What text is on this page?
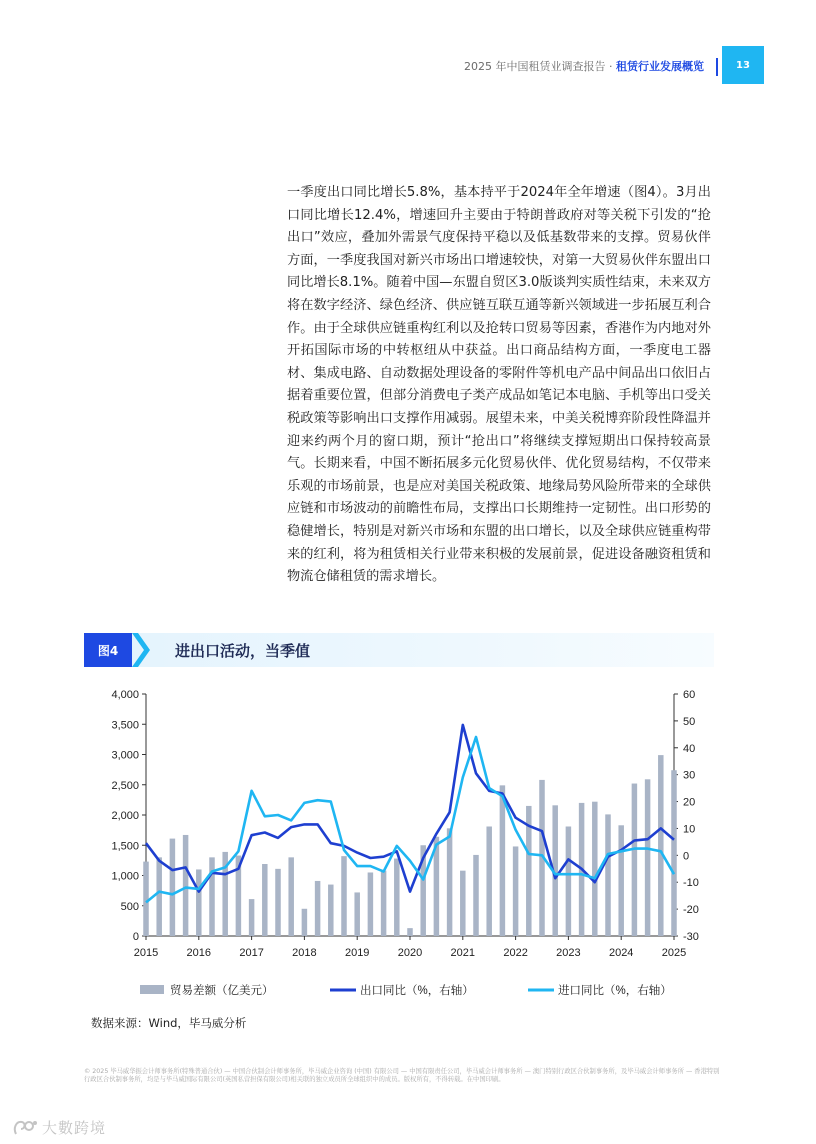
2025 年中国租赁业调查报告 · 租赁行业发展概览	13
一季度出口同比增长5.8%，基本持平于2024年全年增速（图4）。3月出口同比增长12.4%，增速回升主要由于特朗普政府对等关税下引发的“抢出口”效应，叠加外需景气度保持平稳以及低基数带来的支撑。贸易伙伴方面，一季度我国对新兴市场出口增速较快，对第一大贸易伙伴东盟出口同比增长8.1%。随着中国—东盟自贸区3.0版谈判实质性结束，未来双方将在数字经济、绿色经济、供应链互联互通等新兴领域进一步拓展互利合作。由于全球供应链重构红利以及抢转口贸易等因素，香港作为内地对外开拓国际市场的中转枢纽从中获益。出口商品结构方面，一季度电工器材、集成电路、自动数据处理设备的零附件等机电产品中间品出口依旧占据着重要位置，但部分消费电子类产成品如笔记本电脑、手机等出口受关税政策等影响出口支撑作用减弱。展望未来，中美关税博弈阶段性降温并迎来约两个月的窗口期，预计“抢出口”将继续支撑短期出口保持较高景气。长期来看，中国不断拓展多元化贸易伙伴、优化贸易结构，不仅带来乐观的市场前景，也是应对美国关税政策、地缘局势风险所带来的全球供应链和市场波动的前瞻性布局，支撑出口长期维持一定韧性。出口形势的稳健增长，特别是对新兴市场和东盟的出口增长，以及全球供应链重构带来的红利，将为租赁相关行业带来积极的发展前景，促进设备融资租赁和物流仓储租赁的需求增长。
图4	进出口活动，当季值
0
500
1,000
1,500
2,000
2,500
3,000
3,500
4,000
-30
-20
-10
0
10
20
30
40
50
60
2015	2016	2017	2018	2019	2020	2021	2022	2023	2024	2025
贸易差额（亿美元）	出口同比（%，右轴）	进口同比（%，右轴）
数据来源：Wind，毕马威分析
© 2025 毕马威华振会计师事务所(特殊普通合伙) — 中国合伙制会计师事务所，毕马威企业咨询 (中国) 有限公司 — 中国有限责任公司，毕马威会计师事务所 — 澳门特别行政区合伙制事务所，及毕马威会计师事务所 — 香港特别行政区合伙制事务所，均是与毕马威国际有限公司(英国私营担保有限公司)相关联的独立成员所全球组织中的成员。版权所有，不得转载。在中国印刷。
大數跨境
